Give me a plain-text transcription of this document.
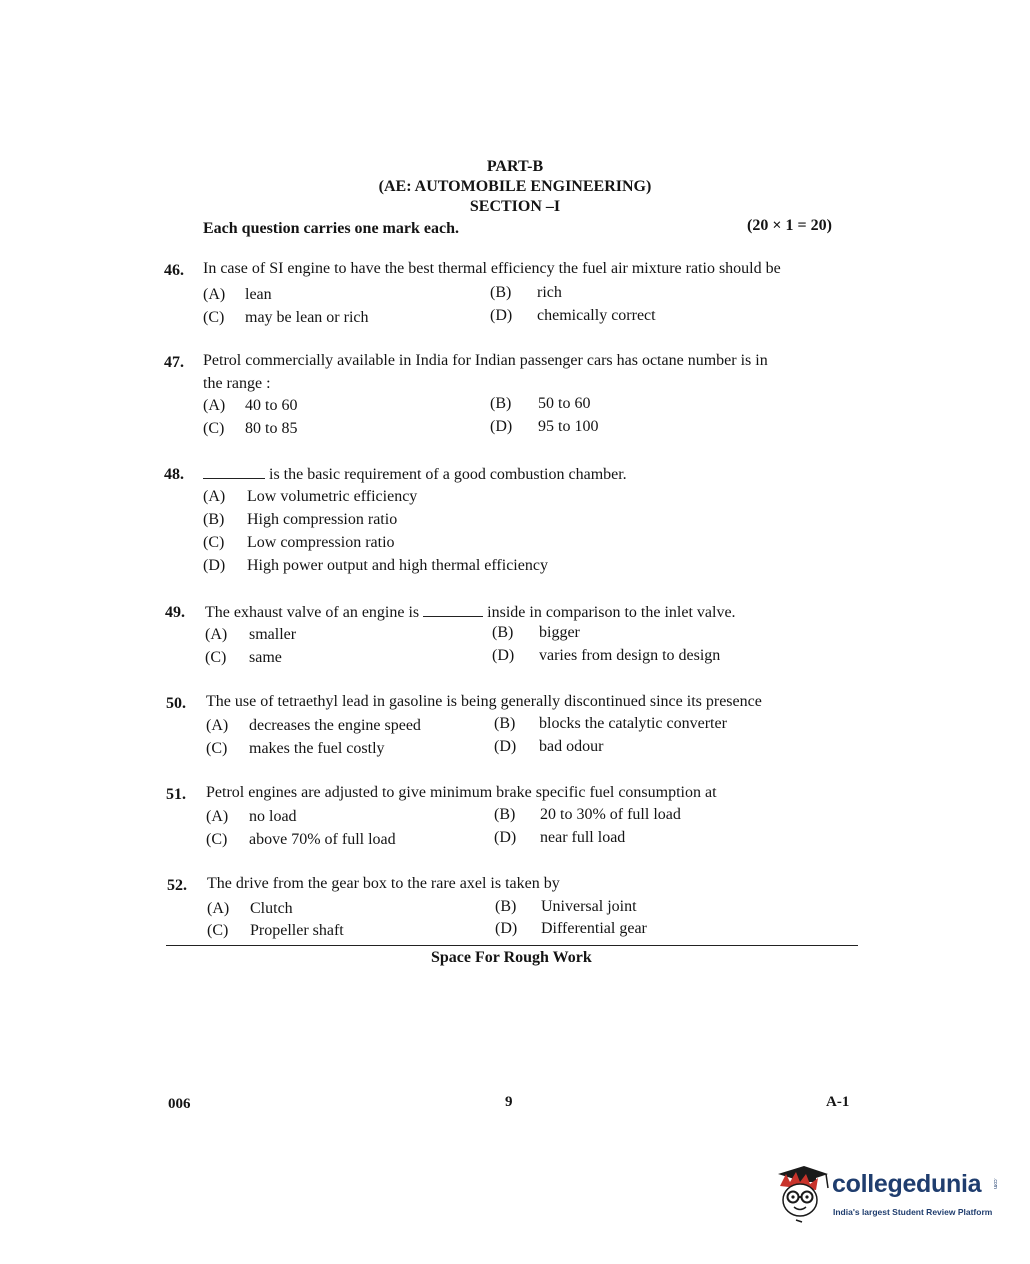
PART-B
(AE: AUTOMOBILE ENGINEERING)
SECTION –I
Each question carries one mark each.	(20 × 1 = 20)
46. In case of SI engine to have the best thermal efficiency the fuel air mixture ratio should be
(A) lean	(B) rich
(C) may be lean or rich	(D) chemically correct
47. Petrol commercially available in India for Indian passenger cars has octane number is in
the range :
(A) 40 to 60	(B) 50 to 60
(C) 80 to 85	(D) 95 to 100
48.	is the basic requirement of a good combustion chamber.
(A) Low volumetric efficiency
(B) High compression ratio
(C) Low compression ratio
(D) High power output and high thermal efficiency
49. The exhaust valve of an engine is	inside in comparison to the inlet valve.
(A) smaller	(B) bigger
(C) same	(D) varies from design to design
50. The use of tetraethyl lead in gasoline is being generally discontinued since its presence
(A) decreases the engine speed	(B) blocks the catalytic converter
(C) makes the fuel costly	(D) bad odour
51. Petrol engines are adjusted to give minimum brake specific fuel consumption at
(A) no load	(B) 20 to 30% of full load
(C) above 70% of full load	(D) near full load
52. The drive from the gear box to the rare axel is taken by
(A) Clutch	(B) Universal joint
(C) Propeller shaft	(D) Differential gear
Space For Rough Work
006	9	A-1
collegedunia .com
India's largest Student Review Platform
